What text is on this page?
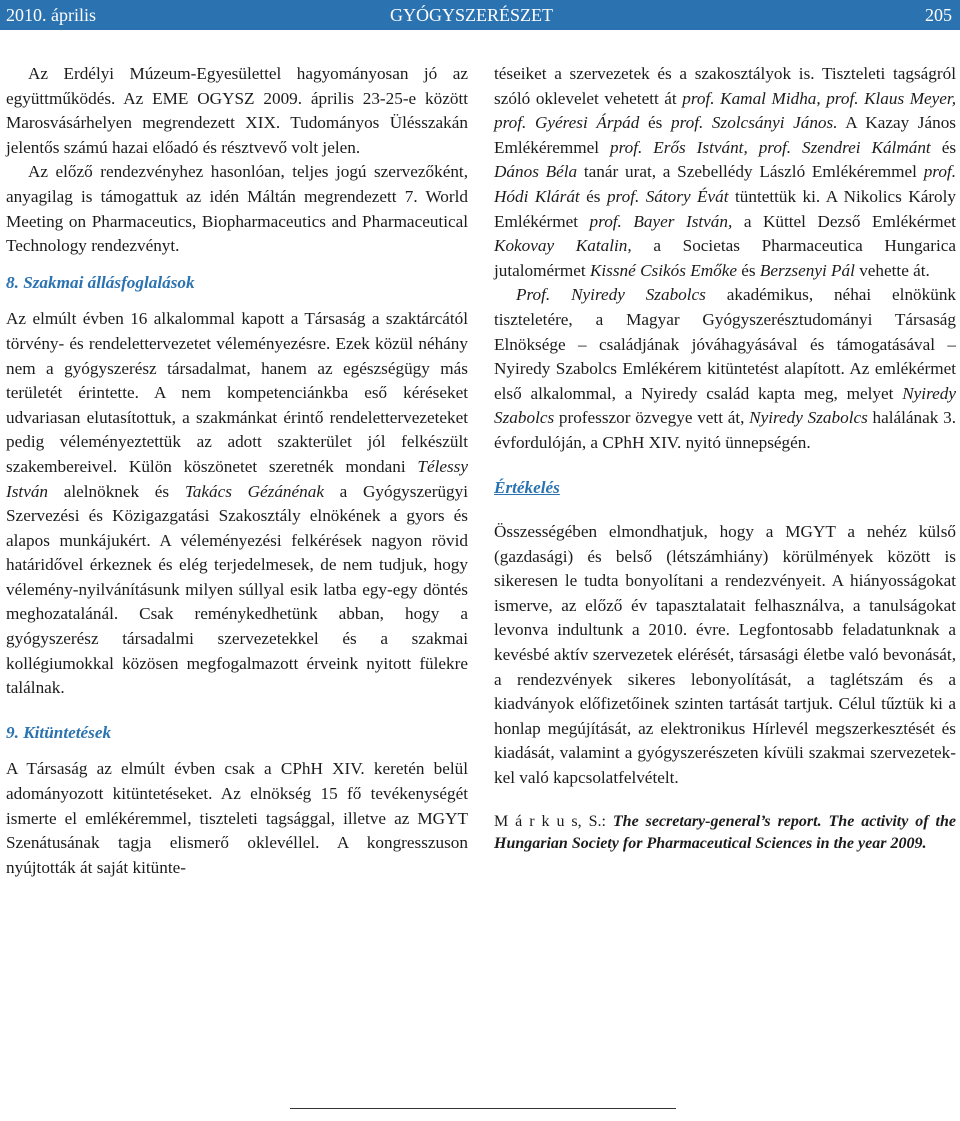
2010. április	GYÓGYSZERÉSZET	205

Az Erdélyi Múzeum-Egyesülettel hagyományosan jó az együttműködés. Az EME OGYSZ 2009. április 23-25-e között Marosvásárhelyen megrendezett XIX. Tudományos Ülésszakán jelentős számú hazai előadó és résztvevő volt jelen.

Az előző rendezvényhez hasonlóan, teljes jogú szervezőként, anyagilag is támogattuk az idén Máltán megrendezett 7. World Meeting on Pharmaceutics, Biopharmaceutics and Pharmaceutical Technology rendezvényt.

8. Szakmai állásfoglalások

Az elmúlt évben 16 alkalommal kapott a Társaság a szaktárcától törvény- és rendelettervezetet véleményezésre. Ezek közül néhány nem a gyógyszerész társadalmat, hanem az egészségügy más területét érintette. A nem kompetenciánkba eső kéréseket udvariasan elutasítottuk, a szakmánkat érintő rendelettervezeteket pedig véleményeztettük az adott szakterület jól felkészült szakembereivel. Külön köszönetet szeretnék mondani Télessy István alelnöknek és Takács Gézánénak a Gyógyszerügyi Szervezési és Közigazgatási Szakosztály elnökének a gyors és alapos munkájukért. A véleményezési felkérések nagyon rövid határidővel érkeznek és elég terjedelmesek, de nem tudjuk, hogy vélemény-nyilvánításunk milyen súllyal esik latba egy-egy döntés meghozatalánál. Csak reménykedhetünk abban, hogy a gyógyszerész társadalmi szervezetekkel és a szakmai kollégiumokkal közösen megfogalmazott érveink nyitott fülekre találnak.

9. Kitüntetések

A Társaság az elmúlt évben csak a CPhH XIV. keretén belül adományozott kitüntetéseket. Az elnökség 15 fő tevékenységét ismerte el emlékéremmel, tiszteleti tagsággal, illetve az MGYT Szenátusának tagja elismerő oklevéllel. A kongresszuson nyújtották át saját kitünte-

téseiket a szervezetek és a szakosztályok is. Tiszteleti tagságról szóló oklevelet vehetett át prof. Kamal Midha, prof. Klaus Meyer, prof. Gyéresi Árpád és prof. Szolcsányi János. A Kazay János Emlékéremmel prof. Erős Istvánt, prof. Szendrei Kálmánt és Dános Béla tanár urat, a Szebellédy László Emlékéremmel prof. Hódi Klárát és prof. Sátory Évát tüntettük ki. A Nikolics Károly Emlékérmet prof. Bayer István, a Küttel Dezső Emlékérmet Kokovay Katalin, a Societas Pharmaceutica Hungarica jutalomérmet Kissné Csikós Emőke és Berzsenyi Pál vehette át.

Prof. Nyiredy Szabolcs akadémikus, néhai elnökünk tiszteletére, a Magyar Gyógyszerésztudományi Társaság Elnöksége – családjának jóváhagyásával és támogatásával – Nyiredy Szabolcs Emlékérem kitüntetést alapított. Az emlékérmet első alkalommal, a Nyiredy család kapta meg, melyet Nyiredy Szabolcs professzor özvegye vett át, Nyiredy Szabolcs halálának 3. évfordulóján, a CPhH XIV. nyitó ünnepségén.

Értékelés

Összességében elmondhatjuk, hogy a MGYT a nehéz külső (gazdasági) és belső (létszámhiány) körülmények között is sikeresen le tudta bonyolítani a rendezvényeit. A hiányosságokat ismerve, az előző év tapasztalatait felhasználva, a tanulságokat levonva indultunk a 2010. évre. Legfontosabb feladatunknak a kevésbé aktív szervezetek elérését, társasági életbe való bevonását, a rendezvények sikeres lebonyolítását, a taglétszám és a kiadványok előfizetőinek szinten tartását tartjuk. Célul tűztük ki a honlap megújítását, az elektronikus Hírlevél megszerkesztését és kiadását, valamint a gyógyszerészeten kívüli szakmai szervezetekkel való kapcsolatfelvételt.

M á r k u s, S.: The secretary-general’s report. The activity of the Hungarian Society for Pharmaceutical Sciences in the year 2009.
